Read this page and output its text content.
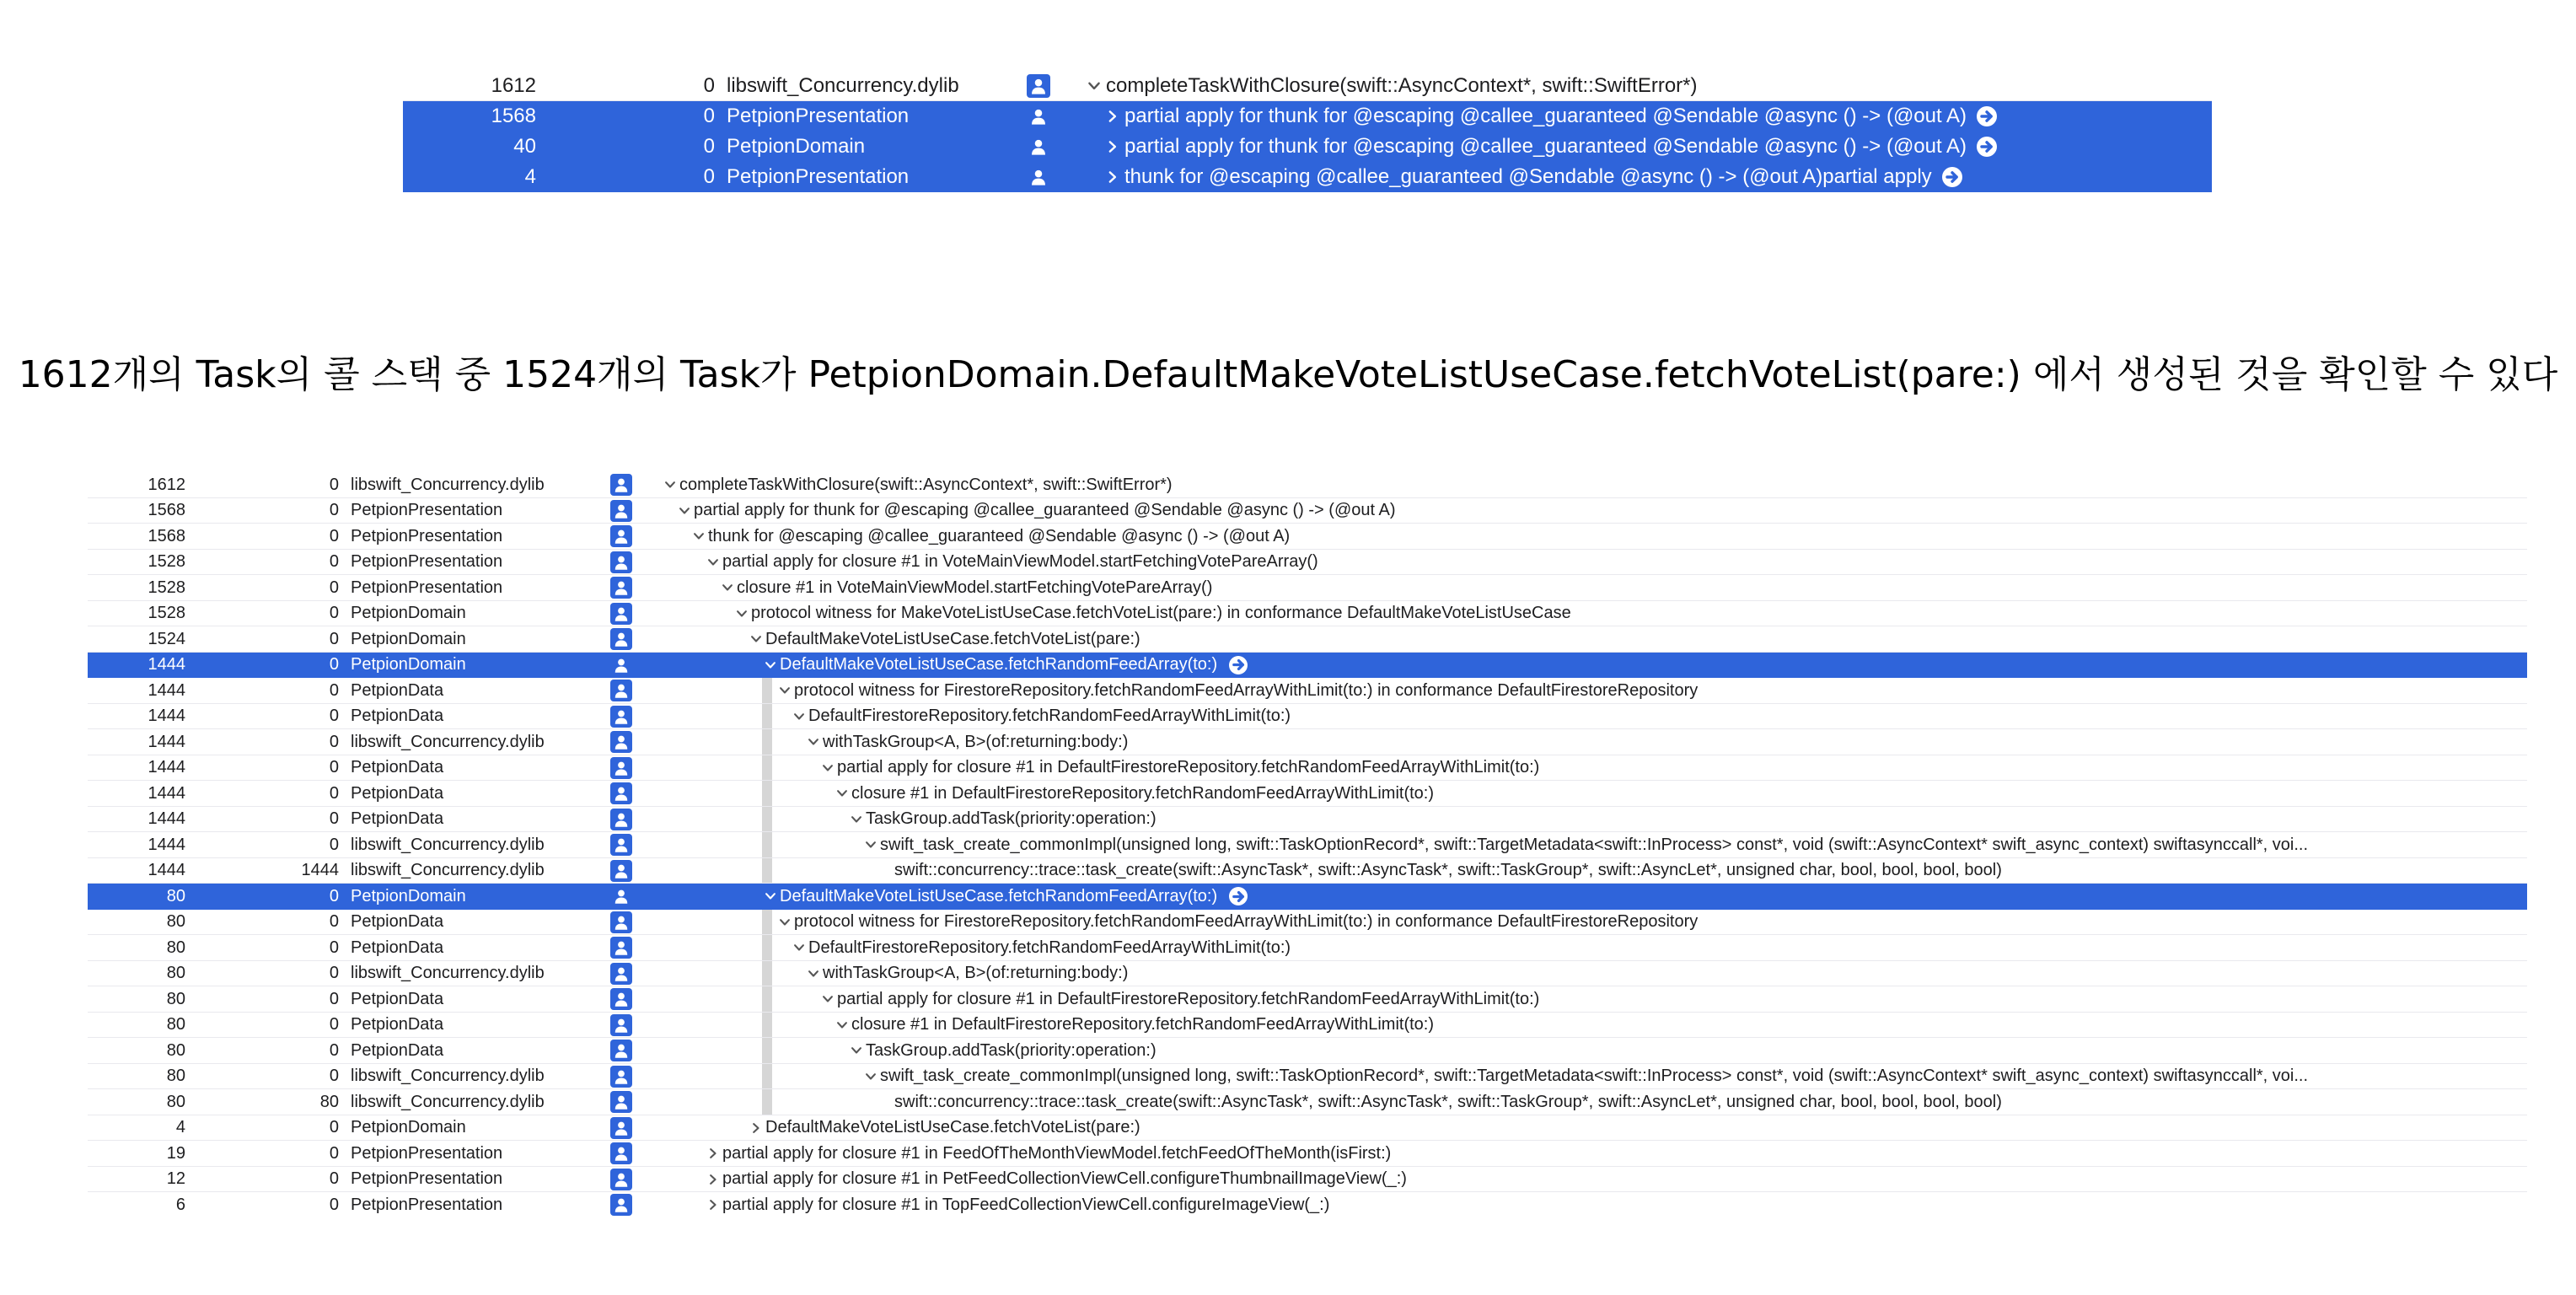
1612	0 libswift_Concurrency.dylib	completeTaskWithClosure(swift::AsyncContext*, swift::SwiftError*)
1568	0 PetpionPresentation	partial apply for thunk for @escaping @callee_guaranteed @Sendable @async () -> (@out A)
40	0 PetpionDomain	partial apply for thunk for @escaping @callee_guaranteed @Sendable @async () -> (@out A)
4	0 PetpionPresentation	thunk for @escaping @callee_guaranteed @Sendable @async () -> (@out A)partial apply
1612개의 Task의 콜 스택 중 1524개의 Task가 PetpionDomain.DefaultMakeVoteListUseCase.fetchVoteList(pare:) 에서 생성된 것을 확인할 수 있다
1612	0 libswift_Concurrency.dylib	completeTaskWithClosure(swift::AsyncContext*, swift::SwiftError*)
1568	0 PetpionPresentation	partial apply for thunk for @escaping @callee_guaranteed @Sendable @async () -> (@out A)
1568	0 PetpionPresentation	thunk for @escaping @callee_guaranteed @Sendable @async () -> (@out A)
1528	0 PetpionPresentation	partial apply for closure #1 in VoteMainViewModel.startFetchingVotePareArray()
1528	0 PetpionPresentation	closure #1 in VoteMainViewModel.startFetchingVotePareArray()
1528	0 PetpionDomain	protocol witness for MakeVoteListUseCase.fetchVoteList(pare:) in conformance DefaultMakeVoteListUseCase
1524	0 PetpionDomain	DefaultMakeVoteListUseCase.fetchVoteList(pare:)
1444	0 PetpionDomain	DefaultMakeVoteListUseCase.fetchRandomFeedArray(to:)
1444	0 PetpionData	protocol witness for FirestoreRepository.fetchRandomFeedArrayWithLimit(to:) in conformance DefaultFirestoreRepository
1444	0 PetpionData	DefaultFirestoreRepository.fetchRandomFeedArrayWithLimit(to:)
1444	0 libswift_Concurrency.dylib	withTaskGroup<A, B>(of:returning:body:)
1444	0 PetpionData	partial apply for closure #1 in DefaultFirestoreRepository.fetchRandomFeedArrayWithLimit(to:)
1444	0 PetpionData	closure #1 in DefaultFirestoreRepository.fetchRandomFeedArrayWithLimit(to:)
1444	0 PetpionData	TaskGroup.addTask(priority:operation:)
1444	0 libswift_Concurrency.dylib	swift_task_create_commonImpl(unsigned long, swift::TaskOptionRecord*, swift::TargetMetadata<swift::InProcess> const*, void (swift::AsyncContext* swift_async_context) swiftasynccall*, voi...
1444	1444 libswift_Concurrency.dylib	swift::concurrency::trace::task_create(swift::AsyncTask*, swift::AsyncTask*, swift::TaskGroup*, swift::AsyncLet*, unsigned char, bool, bool, bool, bool)
80	0 PetpionDomain	DefaultMakeVoteListUseCase.fetchRandomFeedArray(to:)
80	0 PetpionData	protocol witness for FirestoreRepository.fetchRandomFeedArrayWithLimit(to:) in conformance DefaultFirestoreRepository
80	0 PetpionData	DefaultFirestoreRepository.fetchRandomFeedArrayWithLimit(to:)
80	0 libswift_Concurrency.dylib	withTaskGroup<A, B>(of:returning:body:)
80	0 PetpionData	partial apply for closure #1 in DefaultFirestoreRepository.fetchRandomFeedArrayWithLimit(to:)
80	0 PetpionData	closure #1 in DefaultFirestoreRepository.fetchRandomFeedArrayWithLimit(to:)
80	0 PetpionData	TaskGroup.addTask(priority:operation:)
80	0 libswift_Concurrency.dylib	swift_task_create_commonImpl(unsigned long, swift::TaskOptionRecord*, swift::TargetMetadata<swift::InProcess> const*, void (swift::AsyncContext* swift_async_context) swiftasynccall*, voi...
80	80 libswift_Concurrency.dylib	swift::concurrency::trace::task_create(swift::AsyncTask*, swift::AsyncTask*, swift::TaskGroup*, swift::AsyncLet*, unsigned char, bool, bool, bool, bool)
4	0 PetpionDomain	DefaultMakeVoteListUseCase.fetchVoteList(pare:)
19	0 PetpionPresentation	partial apply for closure #1 in FeedOfTheMonthViewModel.fetchFeedOfTheMonth(isFirst:)
12	0 PetpionPresentation	partial apply for closure #1 in PetFeedCollectionViewCell.configureThumbnailImageView(_:)
6	0 PetpionPresentation	partial apply for closure #1 in TopFeedCollectionViewCell.configureImageView(_:)
